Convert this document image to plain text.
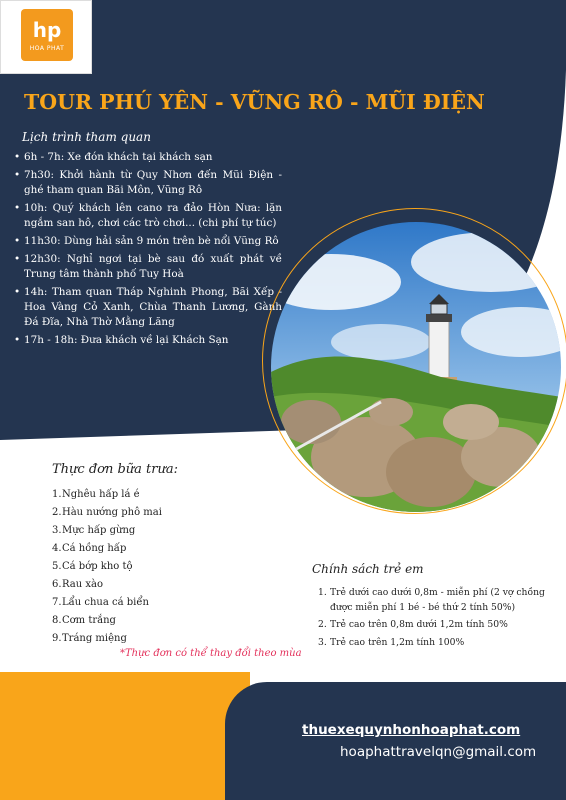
hp
HOA PHAT
TOUR PHÚ YÊN - VŨNG RÔ - MŨI ĐIỆN
Lịch trình tham quan
• 6h - 7h: Xe đón khách tại khách sạn
• 7h30: Khởi hành từ Quy Nhơn đến Mũi Điện - ghé tham quan Bãi Môn, Vũng Rô
• 10h: Quý khách lên cano ra đảo Hòn Nưa: lặn ngắm san hô, chơi các trò chơi... (chi phí tự túc)
• 11h30: Dùng hải sản 9 món trên bè nổi Vũng Rô
• 12h30: Nghỉ ngơi tại bè sau đó xuất phát về Trung tâm thành phố Tuy Hoà
• 14h: Tham quan Tháp Nghinh Phong, Bãi Xếp - Hoa Vàng Cỏ Xanh, Chùa Thanh Lương, Gành Đá Đĩa, Nhà Thờ Mằng Lăng
• 17h - 18h: Đưa khách về lại Khách Sạn
Thực đơn bữa trưa:
1.Nghêu hấp lá é
2.Hàu nướng phô mai
3.Mực hấp gừng
4.Cá hồng hấp
5.Cá bớp kho tộ
6.Rau xào
7.Lẩu chua cá biển
8.Cơm trắng
9.Tráng miệng
*Thực đơn có thể thay đổi theo mùa
Chính sách trẻ em
1. Trẻ dưới cao dưới 0,8m - miễn phí (2 vợ chồng được miễn phí 1 bé - bé thứ 2 tính 50%)
2. Trẻ cao trên 0,8m dưới 1,2m tính 50%
3. Trẻ cao trên 1,2m tính 100%
thuexequynhonhoaphat.com
hoaphattravelqn@gmail.com
